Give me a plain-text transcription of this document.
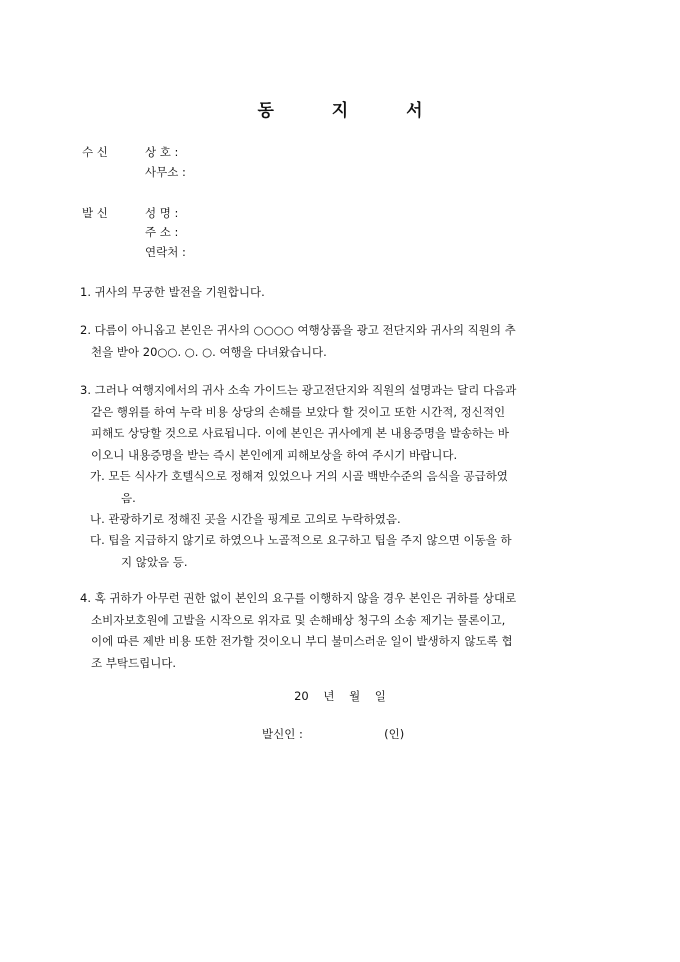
동 지 서
수 신	상 호 :
사무소 :
발 신	성 명 :
주 소 :
연락처 :
1. 귀사의 무궁한 발전을 기원합니다.
2. 다름이 아니옵고 본인은 귀사의 ○○○○ 여행상품을 광고 전단지와 귀사의 직원의 추
천을 받아 20○○. ○. ○. 여행을 다녀왔습니다.
3. 그러나 여행지에서의 귀사 소속 가이드는 광고전단지와 직원의 설명과는 달리 다음과
같은 행위를 하여 누락 비용 상당의 손해를 보았다 할 것이고 또한 시간적, 정신적인
피해도 상당할 것으로 사료됩니다. 이에 본인은 귀사에게 본 내용증명을 발송하는 바
이오니 내용증명을 받는 즉시 본인에게 피해보상을 하여 주시기 바랍니다.
가. 모든 식사가 호텔식으로 정해져 있었으나 거의 시골 백반수준의 음식을 공급하였
음.
나. 관광하기로 정해진 곳을 시간을 핑계로 고의로 누락하였음.
다. 팁을 지급하지 않기로 하였으나 노골적으로 요구하고 팁을 주지 않으면 이동을 하
지 않았음 등.
4. 혹 귀하가 아무런 권한 없이 본인의 요구를 이행하지 않을 경우 본인은 귀하를 상대로
소비자보호원에 고발을 시작으로 위자료 및 손해배상 청구의 소송 제기는 물론이고,
이에 따른 제반 비용 또한 전가할 것이오니 부디 불미스러운 일이 발생하지 않도록 협
조 부탁드립니다.
20    년    월    일
발신인 :	(인)
